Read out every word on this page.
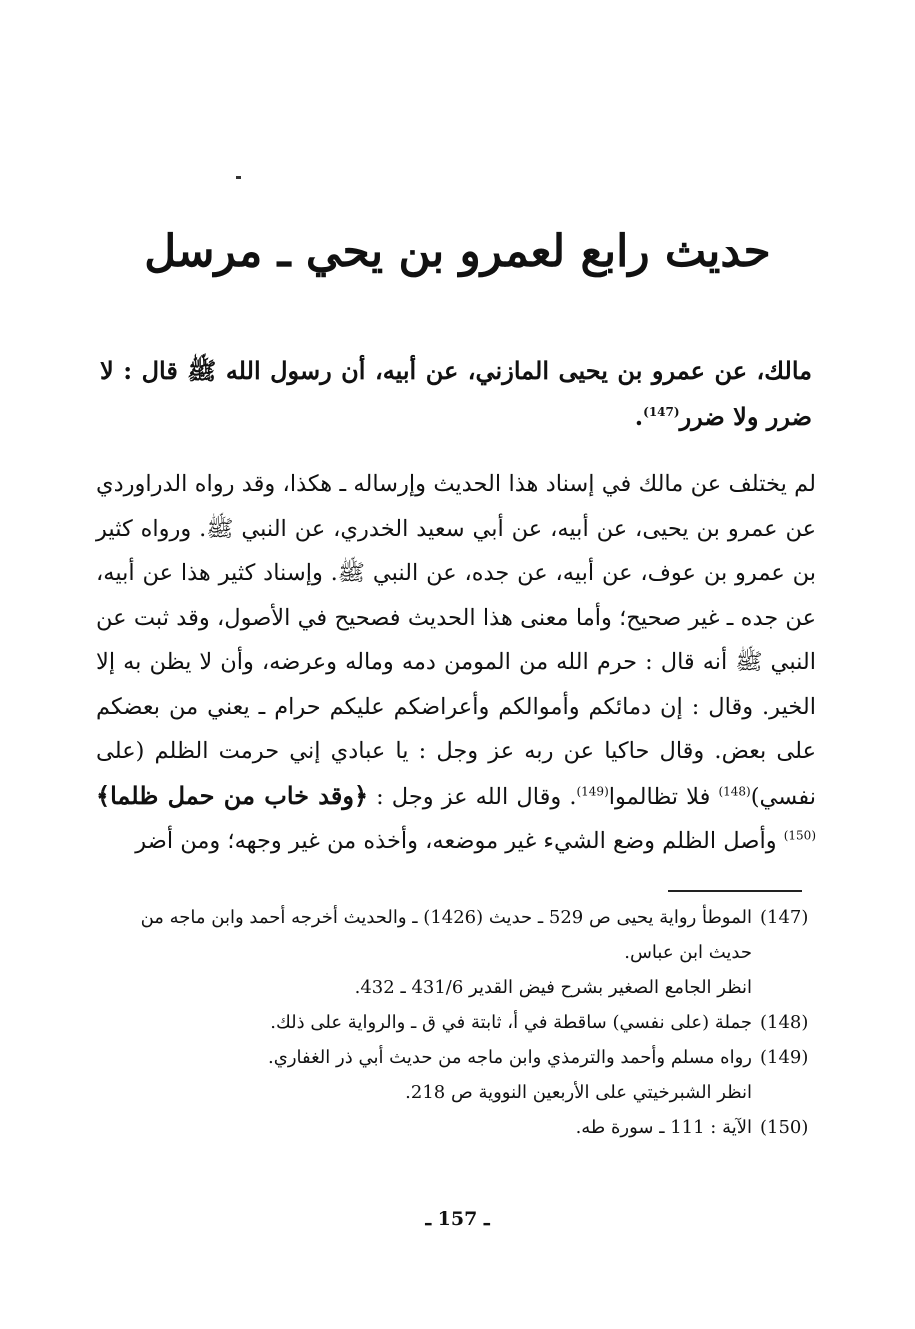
حديث رابع لعمرو بن يحي ـ مرسل

مالك، عن عمرو بن يحيى المازني، عن أبيه، أن رسول الله ﷺ قال : لا ضرر ولا ضرر$^{(147)}$.

لم يختلف عن مالك في إسناد هذا الحديث وإرساله ـ هكذا، وقد رواه الدراوردي عن عمرو بن يحيى، عن أبيه، عن أبي سعيد الخدري، عن النبي ﷺ. ورواه كثير بن عمرو بن عوف، عن أبيه، عن جده، عن النبي ﷺ. وإسناد كثير هذا عن أبيه، عن جده ـ غير صحيح؛ وأما معنى هذا الحديث فصحيح في الأصول، وقد ثبت عن النبي ﷺ أنه قال : حرم الله من المومن دمه وماله وعرضه، وأن لا يظن به إلا الخير. وقال : إن دمائكم وأموالكم وأعراضكم عليكم حرام ـ يعني من بعضكم على بعض. وقال حاكيا عن ربه عز وجل : يا عبادي إني حرمت الظلم (على نفسي)$^{(148)}$ فلا تظالموا$^{(149)}$. وقال الله عز وجل : ﴿وقد خاب من حمل ظلما﴾$^{(150)}$ وأصل الظلم وضع الشيء غير موضعه، وأخذه من غير وجهه؛ ومن أضر

(147)
الموطأ رواية يحيى ص 529 ـ حديث (1426) ـ والحديث أخرجه أحمد وابن ماجه من حديث ابن عباس.
انظر الجامع الصغير بشرح فيض القدير 431/6 ـ 432.
(148)
جملة (على نفسي) ساقطة في أ، ثابتة في ق ـ والرواية على ذلك.
(149)
رواه مسلم وأحمد والترمذي وابن ماجه من حديث أبي ذر الغفاري.
انظر الشبرخيتي على الأربعين النووية ص 218.
(150)
الآية : 111 ـ سورة طه.
ـ 157 ـ
